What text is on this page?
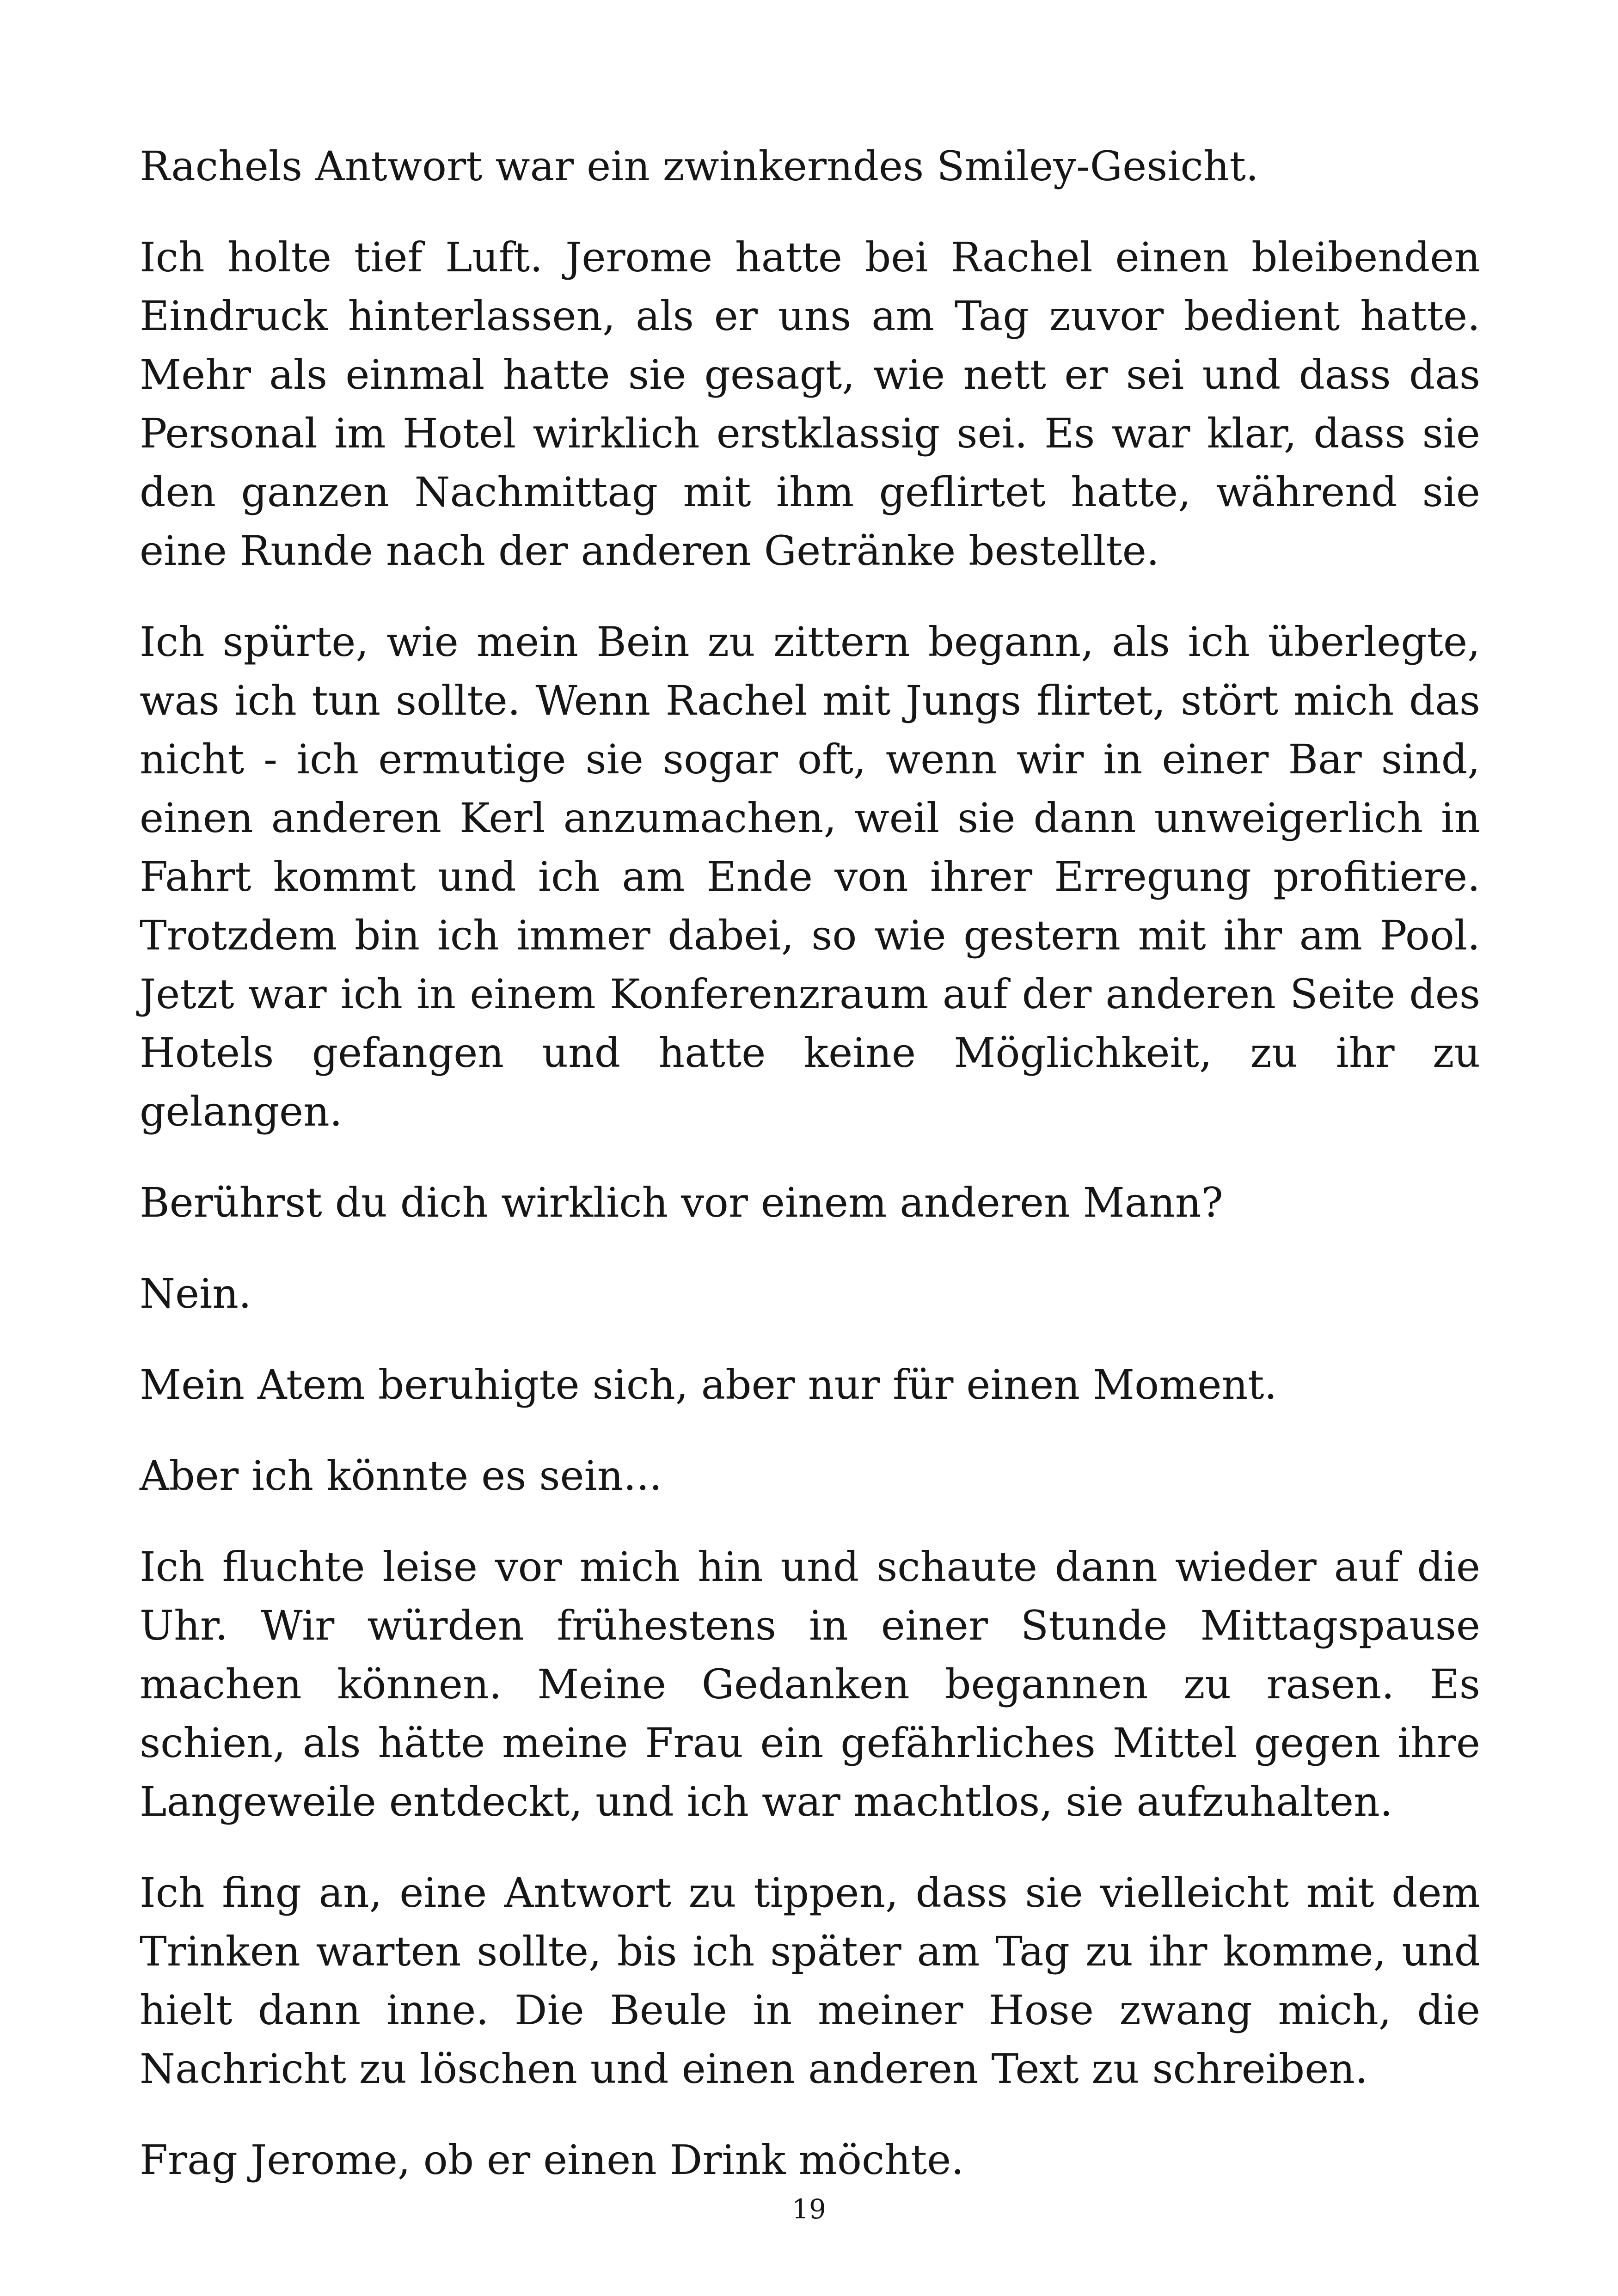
Rachels Antwort war ein zwinkerndes Smiley-Gesicht.

Ich holte tief Luft. Jerome hatte bei Rachel einen bleibenden Eindruck hinterlassen, als er uns am Tag zuvor bedient hatte. Mehr als einmal hatte sie gesagt, wie nett er sei und dass das Personal im Hotel wirklich erstklassig sei. Es war klar, dass sie den ganzen Nachmittag mit ihm geflirtet hatte, während sie eine Runde nach der anderen Getränke bestellte.

Ich spürte, wie mein Bein zu zittern begann, als ich überlegte, was ich tun sollte. Wenn Rachel mit Jungs flirtet, stört mich das nicht - ich ermutige sie sogar oft, wenn wir in einer Bar sind, einen anderen Kerl anzumachen, weil sie dann unweigerlich in Fahrt kommt und ich am Ende von ihrer Erregung profitiere. Trotzdem bin ich immer dabei, so wie gestern mit ihr am Pool. Jetzt war ich in einem Konferenzraum auf der anderen Seite des Hotels gefangen und hatte keine Möglichkeit, zu ihr zu gelangen.

Berührst du dich wirklich vor einem anderen Mann?

Nein.

Mein Atem beruhigte sich, aber nur für einen Moment.

Aber ich könnte es sein...

Ich fluchte leise vor mich hin und schaute dann wieder auf die Uhr. Wir würden frühestens in einer Stunde Mittagspause machen können. Meine Gedanken begannen zu rasen. Es schien, als hätte meine Frau ein gefährliches Mittel gegen ihre Langeweile entdeckt, und ich war machtlos, sie aufzuhalten.

Ich fing an, eine Antwort zu tippen, dass sie vielleicht mit dem Trinken warten sollte, bis ich später am Tag zu ihr komme, und hielt dann inne. Die Beule in meiner Hose zwang mich, die Nachricht zu löschen und einen anderen Text zu schreiben.

Frag Jerome, ob er einen Drink möchte.

19
